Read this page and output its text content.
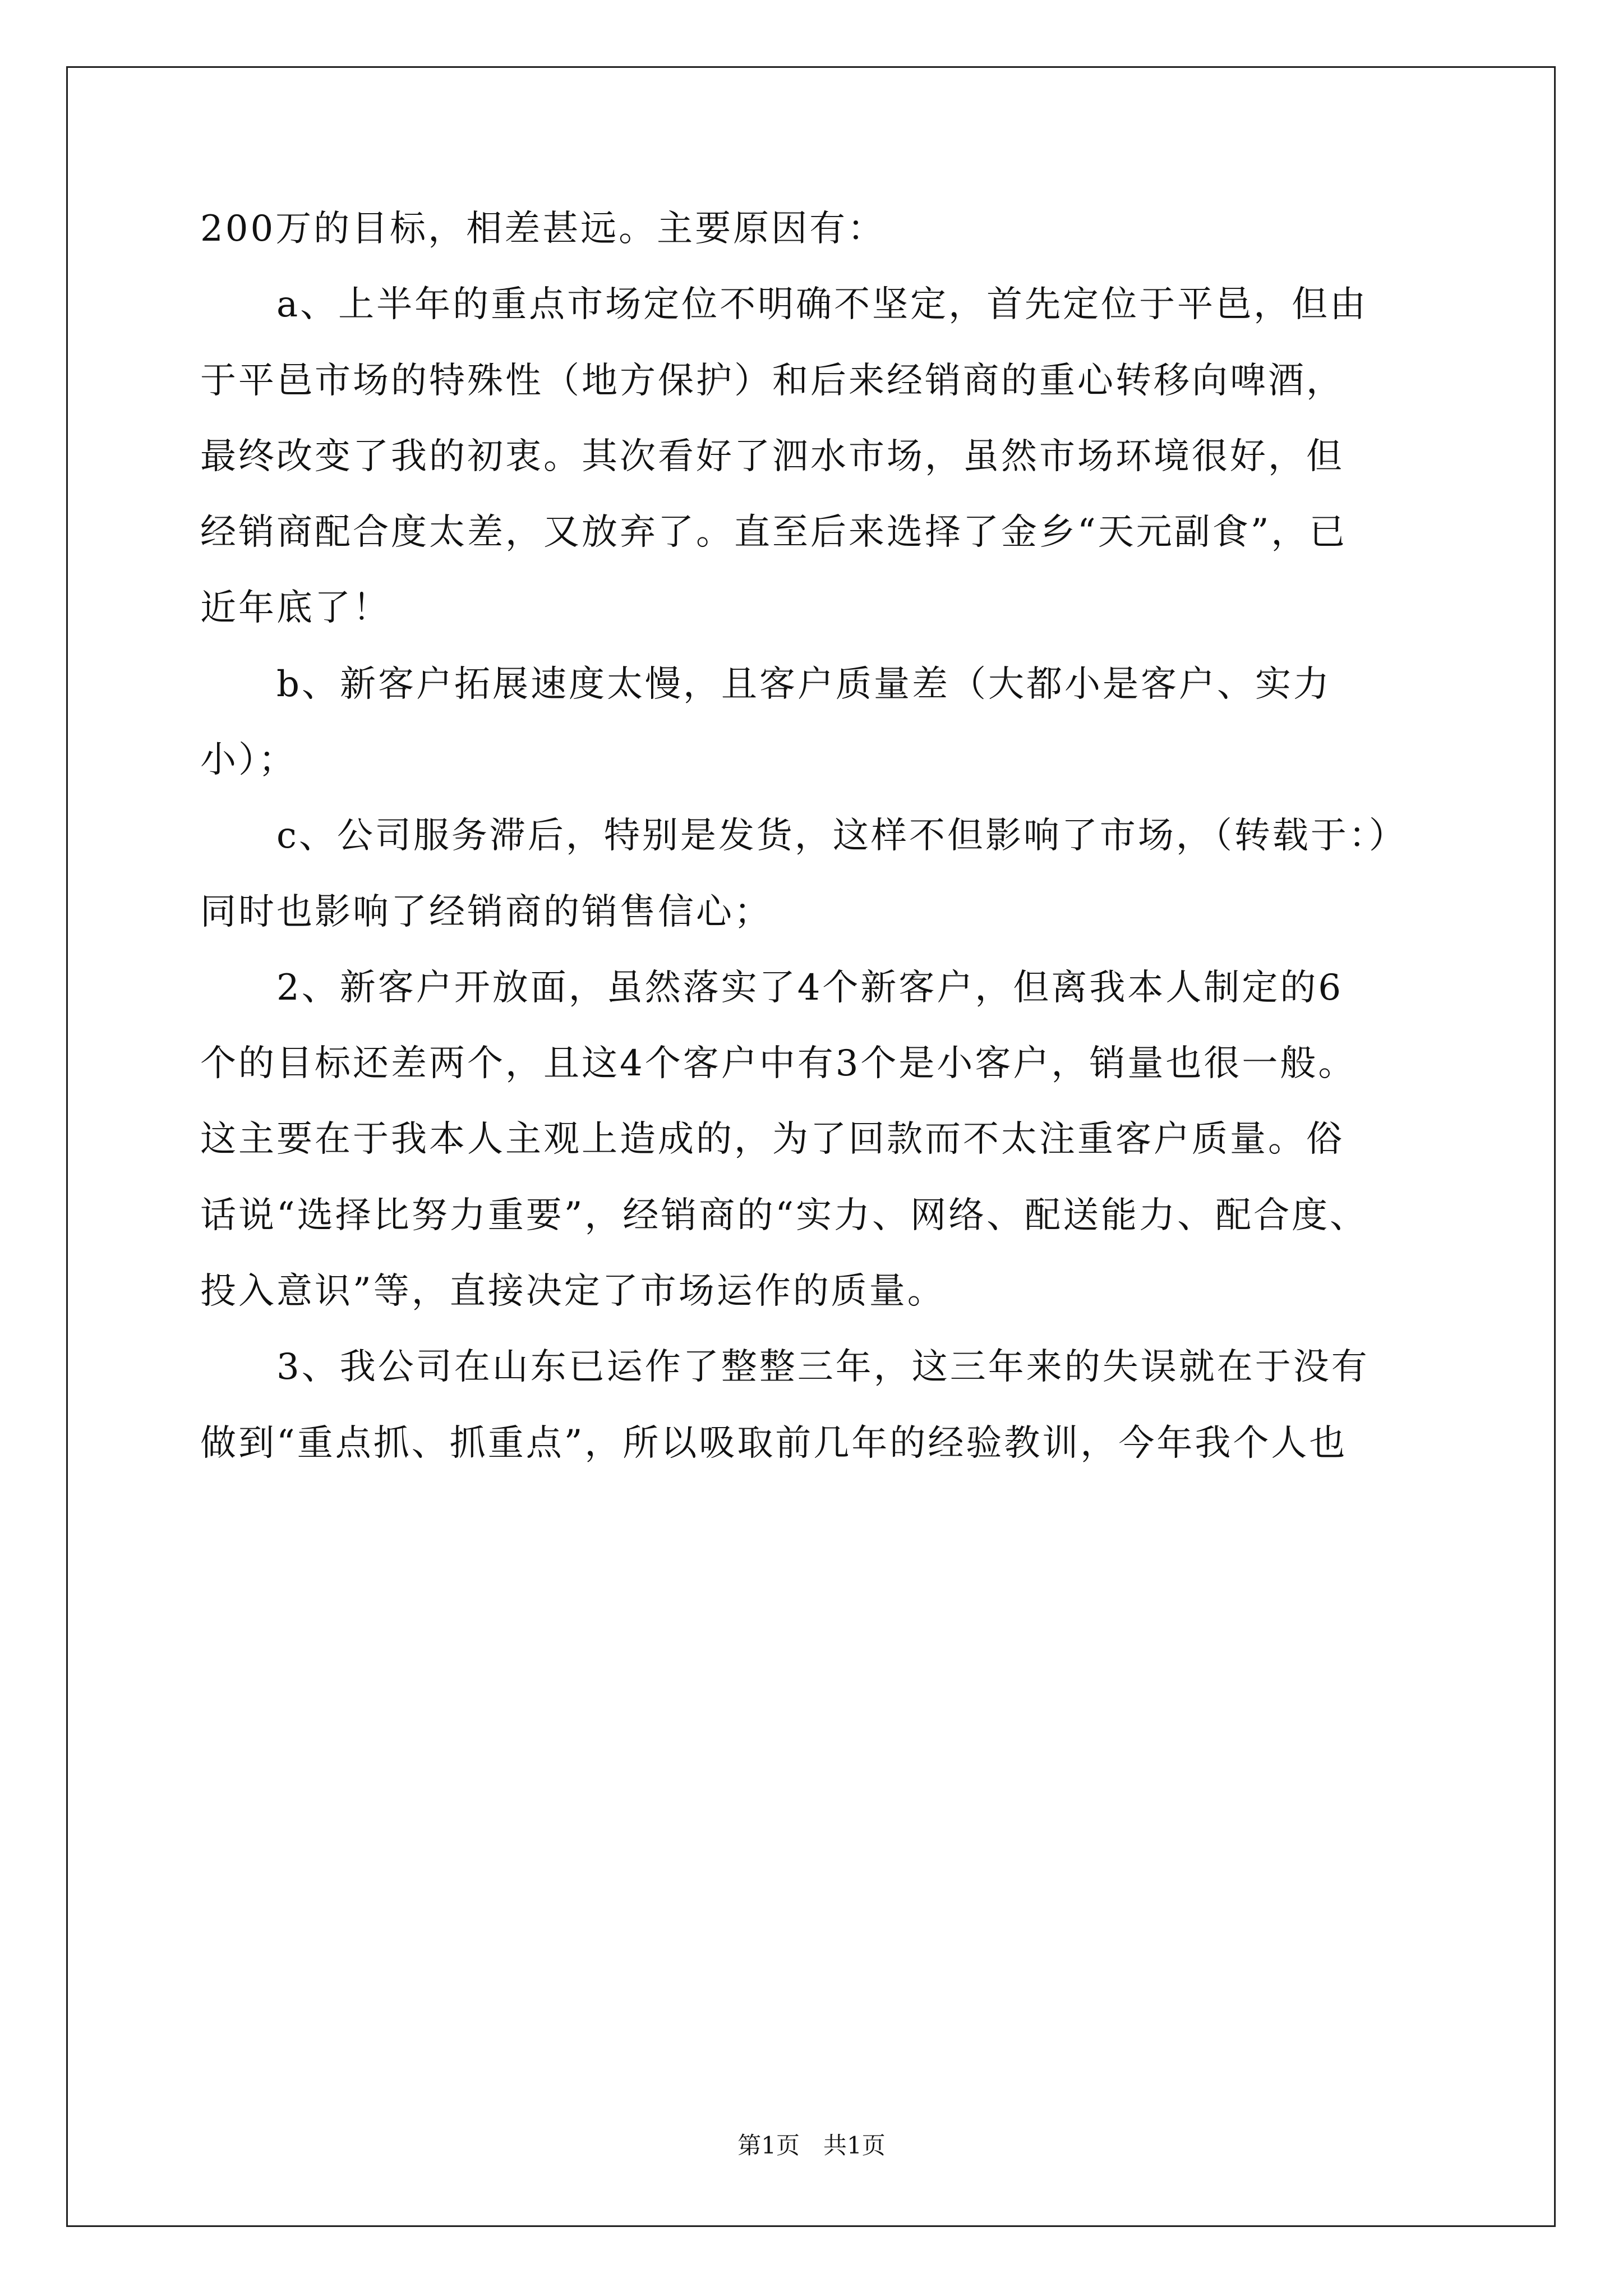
200万的目标，相差甚远。主要原因有：
　　a、上半年的重点市场定位不明确不坚定，首先定位于平邑，但由
于平邑市场的特殊性（地方保护）和后来经销商的重心转移向啤酒，
最终改变了我的初衷。其次看好了泗水市场，虽然市场环境很好，但
经销商配合度太差，又放弃了。直至后来选择了金乡“天元副食”，已
近年底了！
　　b、新客户拓展速度太慢，且客户质量差（大都小是客户、实力
小）；
　　c、公司服务滞后，特别是发货，这样不但影响了市场，（转载于：）
同时也影响了经销商的销售信心；
　　2、新客户开放面，虽然落实了4个新客户，但离我本人制定的6
个的目标还差两个，且这4个客户中有3个是小客户，销量也很一般。
这主要在于我本人主观上造成的，为了回款而不太注重客户质量。俗
话说“选择比努力重要”，经销商的“实力、网络、配送能力、配合度、
投入意识”等，直接决定了市场运作的质量。
　　3、我公司在山东已运作了整整三年，这三年来的失误就在于没有
做到“重点抓、抓重点”，所以吸取前几年的经验教训，今年我个人也
第1页　共1页
